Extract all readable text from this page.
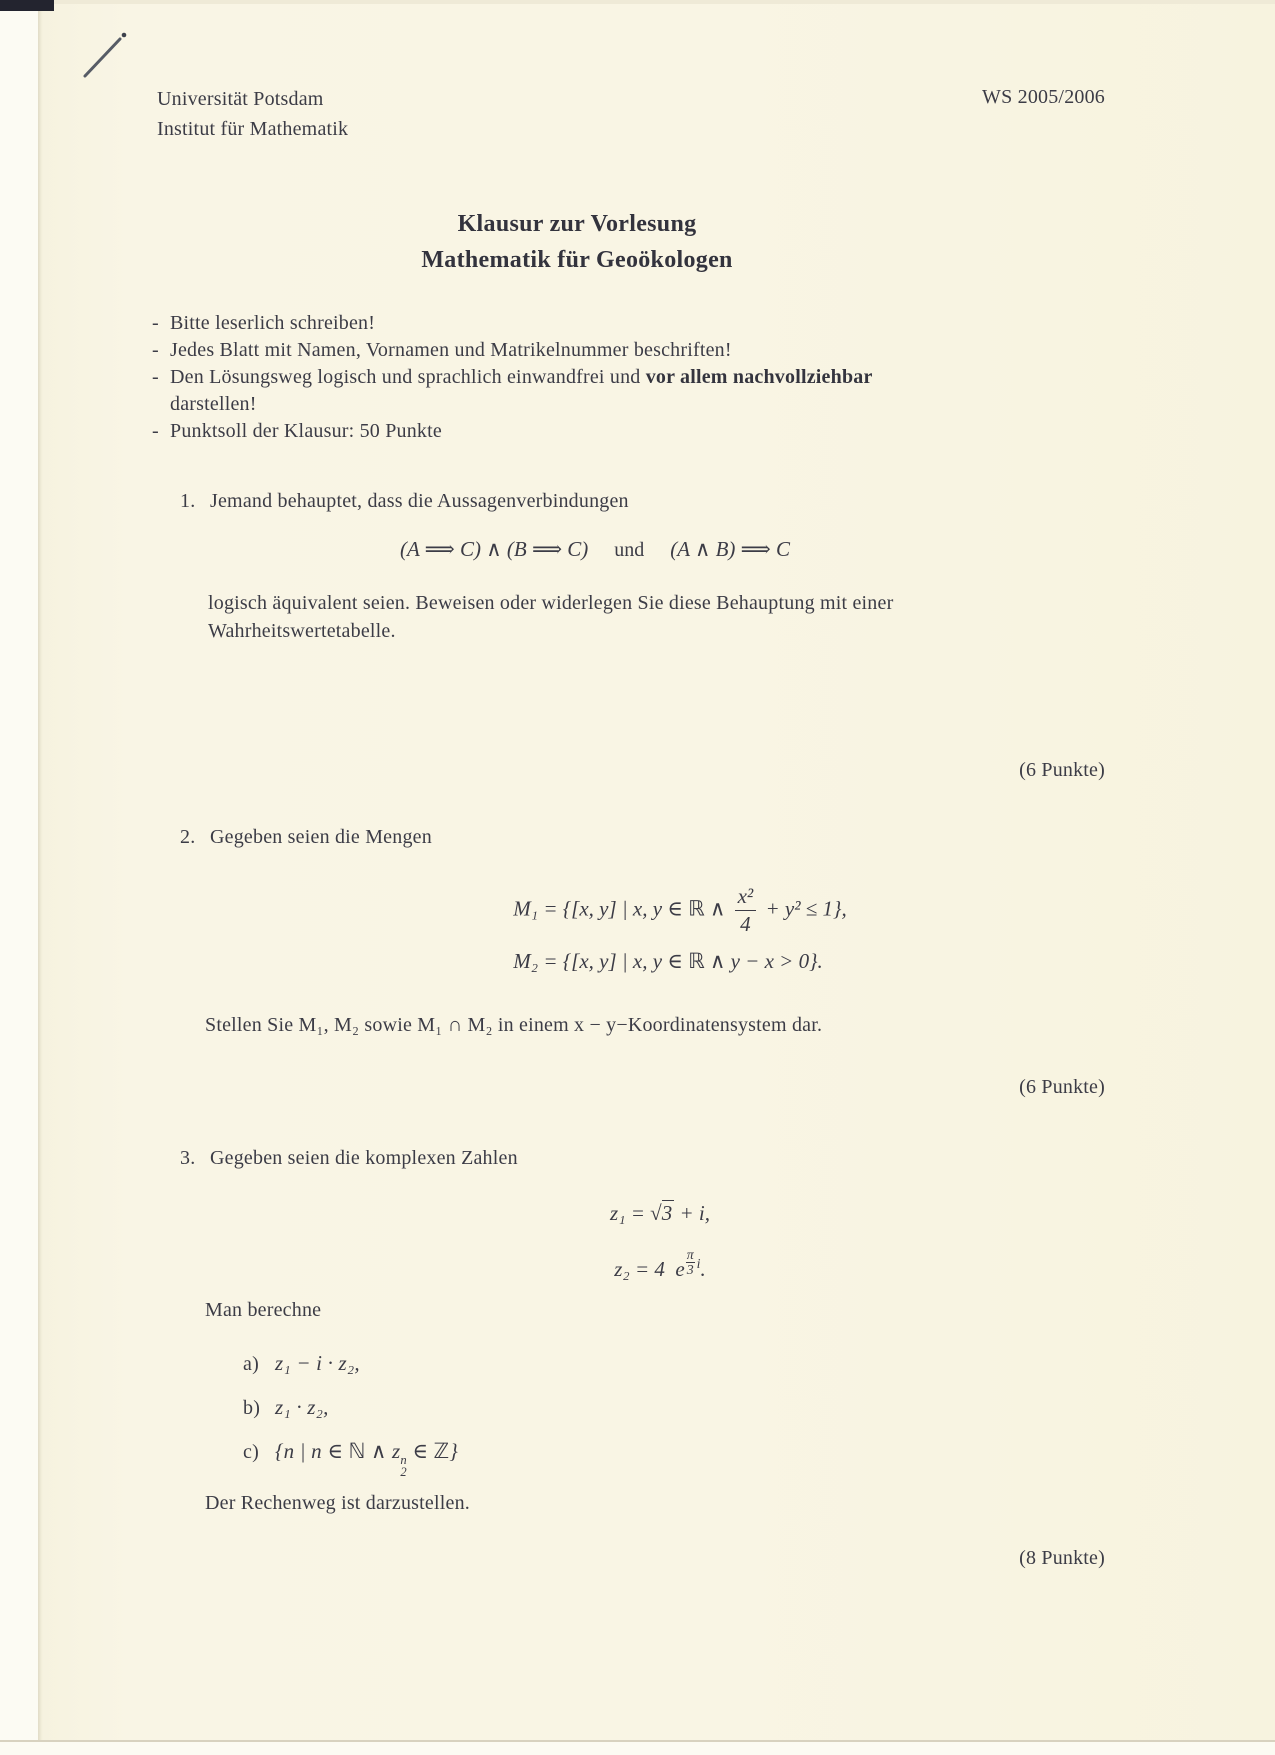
Universität Potsdam
Institut für Mathematik
WS 2005/2006
Klausur zur Vorlesung
Mathematik für Geoökologen
- Bitte leserlich schreiben!
- Jedes Blatt mit Namen, Vornamen und Matrikelnummer beschriften!
- Den Lösungsweg logisch und sprachlich einwandfrei und vor allem nachvollziehbar
darstellen!
- Punktsoll der Klausur: 50 Punkte
1. Jemand behauptet, dass die Aussagenverbindungen
(A ⟹ C) ∧ (B ⟹ C) und (A ∧ B) ⟹ C
logisch äquivalent seien. Beweisen oder widerlegen Sie diese Behauptung mit einer
Wahrheitswertetabelle.
(6 Punkte)
2. Gegeben seien die Mengen
M₁ = {[x, y] | x, y ∈ ℝ ∧ $\frac{\text{x²}}{4} + y^2 \le 1$},
M₂ = {[x, y] | x, y ∈ ℝ ∧ y − x > 0}.
Stellen Sie M₁, M₂ sowie M₁ ∩ M₂ in einem x − y−Koordinatensystem dar.
(6 Punkte)
3. Gegeben seien die komplexen Zahlen
z₁ = √3 + i,
z₂ = 4  e $\frac{\pi}{3} i$.
Man berechne
a) z₁ − i · z₂,
b) z₁ · z₂,
c) {n | n ∈ ℕ ∧ z n
2
∈ ℤ}
Der Rechenweg ist darzustellen.
(8 Punkte)
